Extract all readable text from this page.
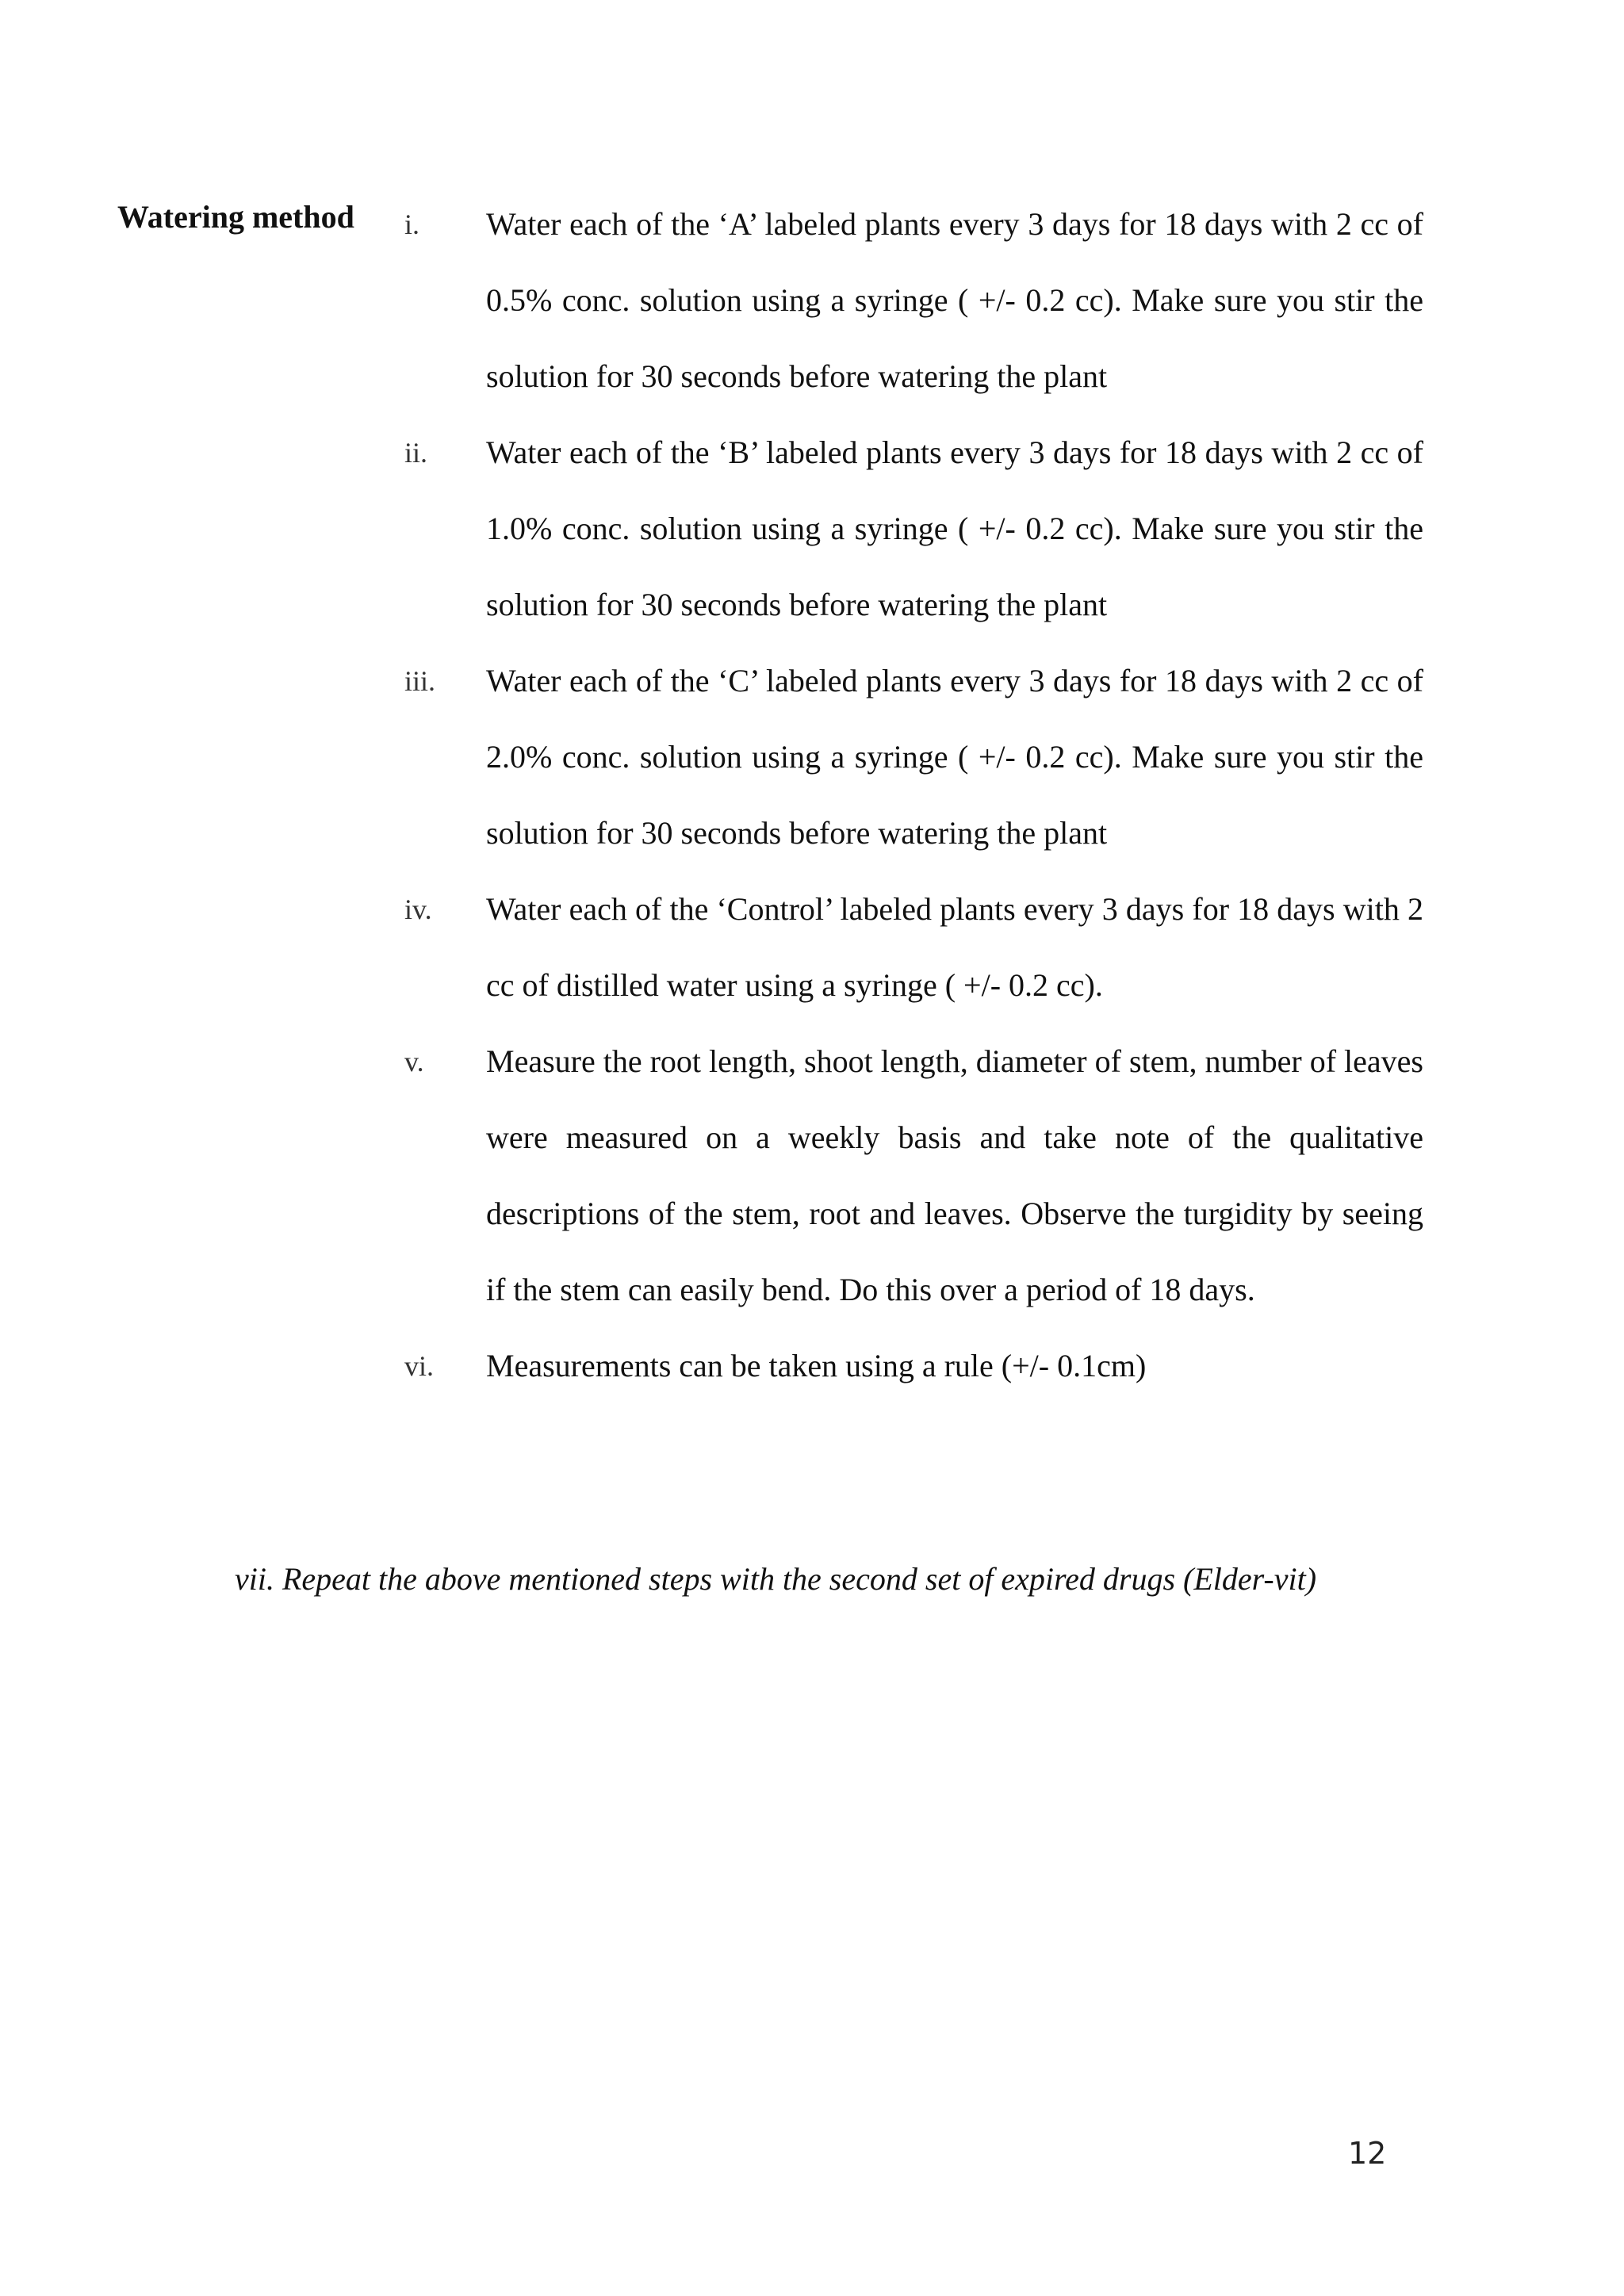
Watering method i. Water each of the ‘A’ labeled plants every 3 days for 18 days with 2 cc of 0.5% conc. solution using a syringe ( +/- 0.2 cc). Make sure you stir the solution for 30 seconds before watering the plant
ii. Water each of the ‘B’ labeled plants every 3 days for 18 days with 2 cc of 1.0% conc. solution using a syringe ( +/- 0.2 cc). Make sure you stir the solution for 30 seconds before watering the plant
iii. Water each of the ‘C’ labeled plants every 3 days for 18 days with 2 cc of 2.0% conc. solution using a syringe ( +/- 0.2 cc). Make sure you stir the solution for 30 seconds before watering the plant
iv. Water each of the ‘Control’ labeled plants every 3 days for 18 days with 2 cc of distilled water using a syringe ( +/- 0.2 cc).
v. Measure the root length, shoot length, diameter of stem, number of leaves were measured on a weekly basis and take note of the qualitative descriptions of the stem, root and leaves. Observe the turgidity by seeing if the stem can easily bend. Do this over a period of 18 days.
vi. Measurements can be taken using a rule (+/- 0.1cm)
vii. Repeat the above mentioned steps with the second set of expired drugs (Elder-vit)
12
